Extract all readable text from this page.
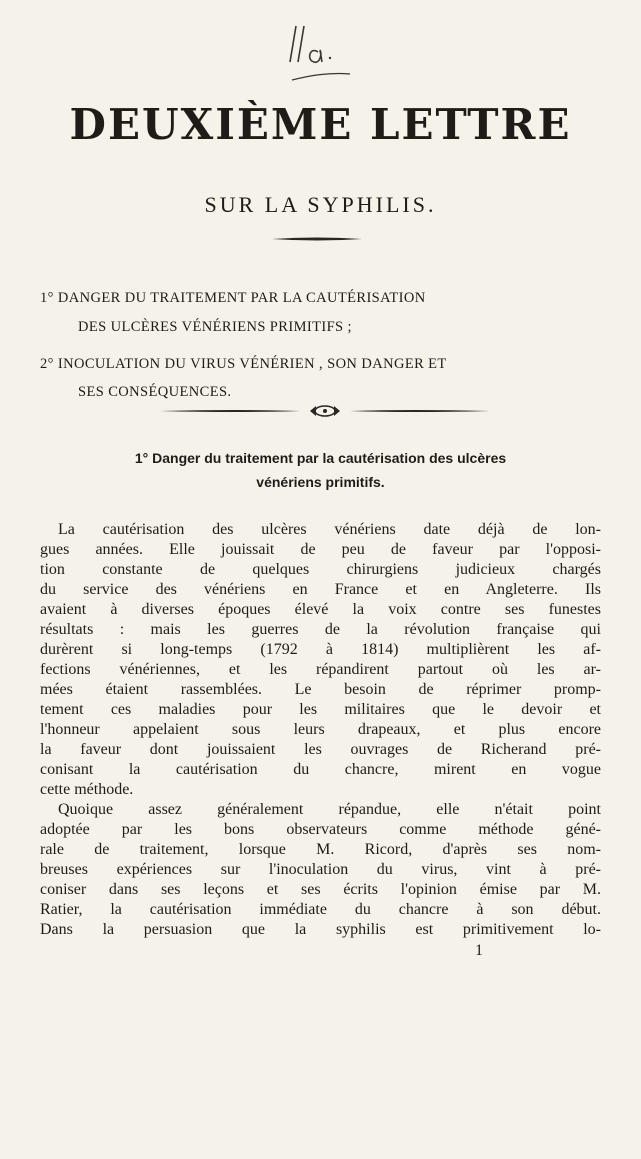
DEUXIÈME LETTRE
SUR LA SYPHILIS.
1° DANGER DU TRAITEMENT PAR LA CAUTÉRISATION
DES ULCÈRES VÉNÉRIENS PRIMITIFS ;
2° INOCULATION DU VIRUS VÉNÉRIEN , SON DANGER ET
SES CONSÉQUENCES.
1° Danger du traitement par la cautérisation des ulcères
vénériens primitifs.
La cautérisation des ulcères vénériens date déjà de lon-
gues années. Elle jouissait de peu de faveur par l'opposi-
tion constante de quelques chirurgiens judicieux chargés
du service des vénériens en France et en Angleterre. Ils
avaient à diverses époques élevé la voix contre ses funestes
résultats : mais les guerres de la révolution française qui
durèrent si long-temps (1792 à 1814) multiplièrent les af-
fections vénériennes, et les répandirent partout où les ar-
mées étaient rassemblées. Le besoin de réprimer promp-
tement ces maladies pour les militaires que le devoir et
l'honneur appelaient sous leurs drapeaux, et plus encore
la faveur dont jouissaient les ouvrages de Richerand pré-
conisant la cautérisation du chancre, mirent en vogue
cette méthode.
Quoique assez généralement répandue, elle n'était point
adoptée par les bons observateurs comme méthode géné-
rale de traitement, lorsque M. Ricord, d'après ses nom-
breuses expériences sur l'inoculation du virus, vint à pré-
coniser dans ses leçons et ses écrits l'opinion émise par M.
Ratier, la cautérisation immédiate du chancre à son début.
Dans la persuasion que la syphilis est primitivement lo-
1
